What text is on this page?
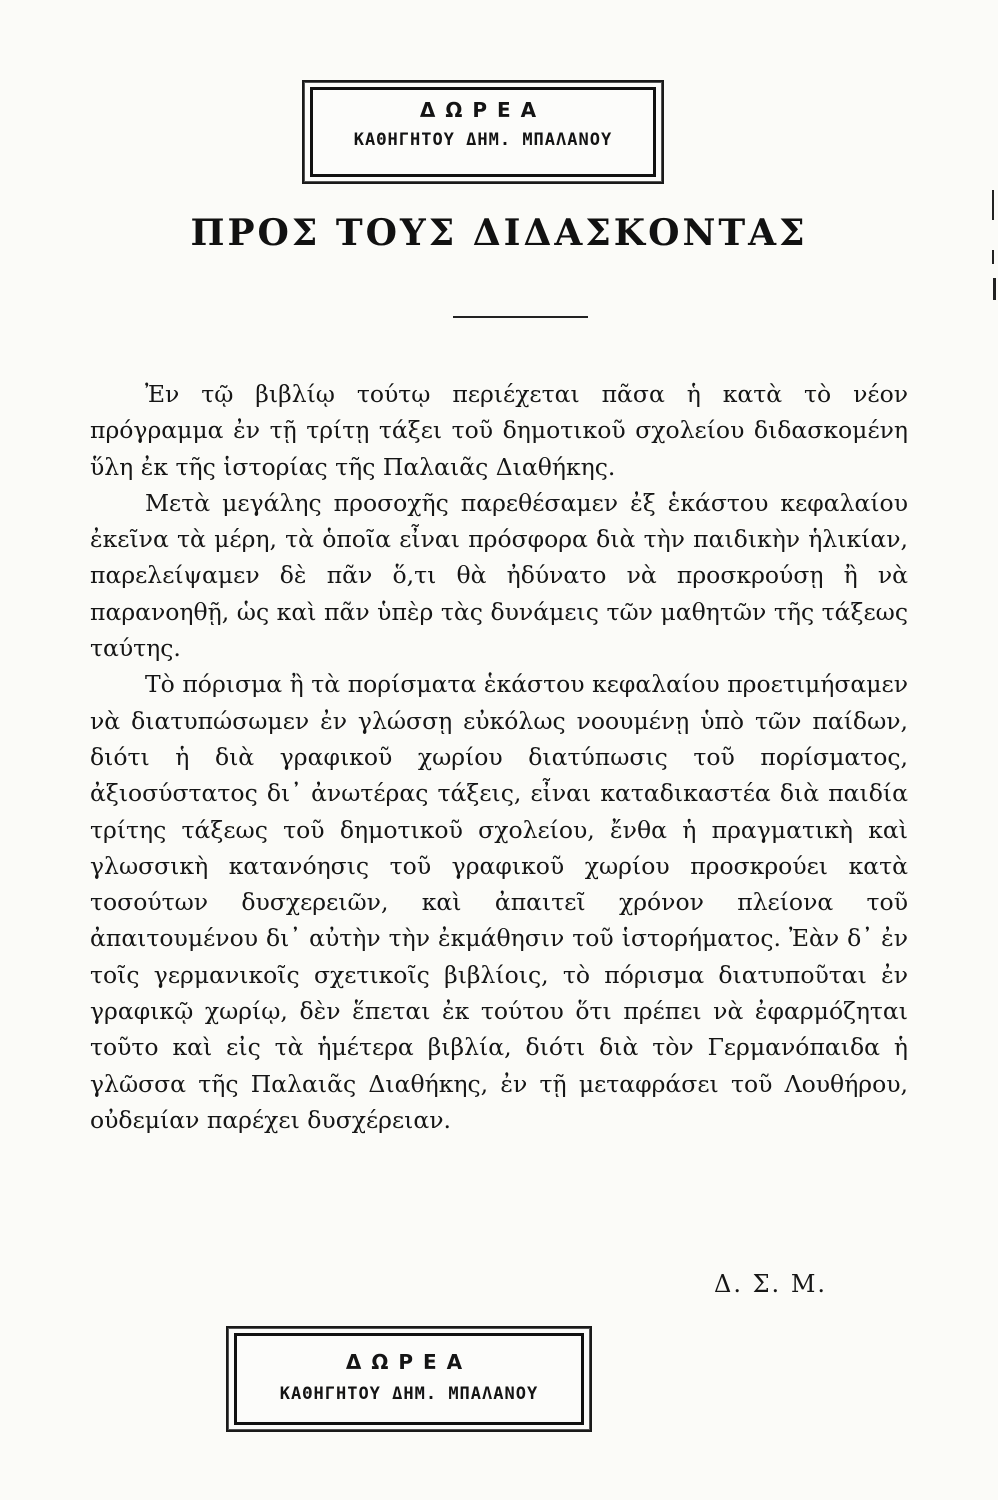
ΔΩΡΕΑ
ΚΑΘΗΓΗΤΟΥ ΔΗΜ. ΜΠΑΛΑΝΟΥ
ΠΡΟΣ ΤΟΥΣ ΔΙΔΑΣΚΟΝΤΑΣ

Ἐν τῷ βιβλίῳ τούτῳ περιέχεται πᾶσα ἡ κατὰ τὸ νέον πρόγραμμα ἐν τῇ τρίτῃ τάξει τοῦ δημοτικοῦ σχολείου διδασκομένη ὕλη ἐκ τῆς ἱστορίας τῆς Παλαιᾶς Διαθήκης.

Μετὰ μεγάλης προσοχῆς παρεθέσαμεν ἐξ ἑκάστου κεφαλαίου ἐκεῖνα τὰ μέρη, τὰ ὁποῖα εἶναι πρόσφορα διὰ τὴν παιδικὴν ἡλικίαν, παρελείψαμεν δὲ πᾶν ὅ,τι θὰ ἠδύνατο νὰ προσκρούσῃ ἢ νὰ παρανοηθῇ, ὡς καὶ πᾶν ὑπὲρ τὰς δυνάμεις τῶν μαθητῶν τῆς τάξεως ταύτης.

Τὸ πόρισμα ἢ τὰ πορίσματα ἑκάστου κεφαλαίου προετιμήσαμεν νὰ διατυπώσωμεν ἐν γλώσσῃ εὐκόλως νοουμένῃ ὑπὸ τῶν παίδων, διότι ἡ διὰ γραφικοῦ χωρίου διατύπωσις τοῦ πορίσματος, ἀξιοσύστατος δι᾿ ἀνωτέρας τάξεις, εἶναι καταδικαστέα διὰ παιδία τρίτης τάξεως τοῦ δημοτικοῦ σχολείου, ἔνθα ἡ πραγματικὴ καὶ γλωσσικὴ κατανόησις τοῦ γραφικοῦ χωρίου προσκρούει κατὰ τοσούτων δυσχερειῶν, καὶ ἀπαιτεῖ χρόνον πλείονα τοῦ ἀπαιτουμένου δι᾿ αὐτὴν τὴν ἐκμάθησιν τοῦ ἱστορήματος. Ἐὰν δ᾿ ἐν τοῖς γερμανικοῖς σχετικοῖς βιβλίοις, τὸ πόρισμα διατυποῦται ἐν γραφικῷ χωρίῳ, δὲν ἕπεται ἐκ τούτου ὅτι πρέπει νὰ ἐφαρμόζηται τοῦτο καὶ εἰς τὰ ἡμέτερα βιβλία, διότι διὰ τὸν Γερμανόπαιδα ἡ γλῶσσα τῆς Παλαιᾶς Διαθήκης, ἐν τῇ μεταφράσει τοῦ Λουθήρου, οὐδεμίαν παρέχει δυσχέρειαν.

Δ. Σ. Μ.
ΔΩΡΕΑ
ΚΑΘΗΓΗΤΟΥ ΔΗΜ. ΜΠΑΛΑΝΟΥ
